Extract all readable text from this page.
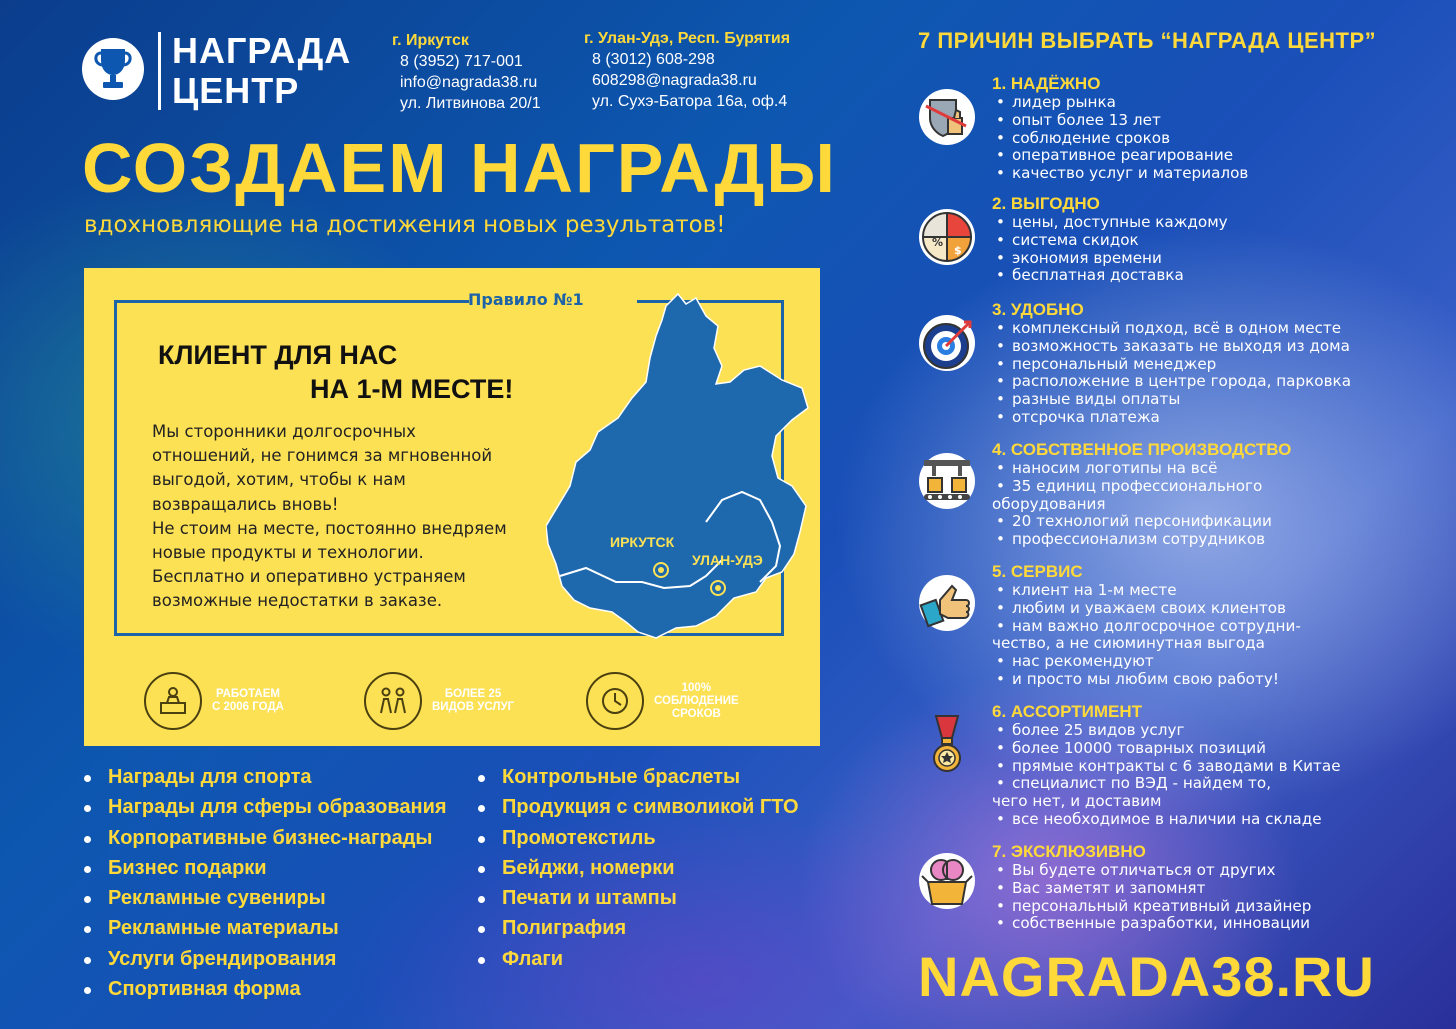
НАГРАДА
ЦЕНТР
г. Иркутск
8 (3952) 717-001
info@nagrada38.ru
ул. Литвинова 20/1
г. Улан-Удэ, Респ. Бурятия
8 (3012) 608-298
608298@nagrada38.ru
ул. Сухэ-Батора 16а, оф.4
СОЗДАЕМ НАГРАДЫ
вдохновляющие на достижения новых результатов!
Правило №1
КЛИЕНТ ДЛЯ НАС
НА 1-М МЕСТЕ!
Мы сторонники долгосрочных
отношений, не гонимся за мгновенной
выгодой, хотим, чтобы к нам
возвращались вновь!
Не стоим на месте, постоянно внедряем
новые продукты и технологии.
Бесплатно и оперативно устраняем
возможные недостатки в заказе.
ИРКУТСК
УЛАН-УДЭ
РАБОТАЕМ
С 2006 ГОДА
БОЛЕЕ 25
ВИДОВ УСЛУГ
100%
СОБЛЮДЕНИЕ
СРОКОВ
Награды для спорта
Награды для сферы образования
Корпоративные бизнес-награды
Бизнес подарки
Рекламные сувениры
Рекламные материалы
Услуги брендирования
Спортивная форма
Контрольные браслеты
Продукция с символикой ГТО
Промотекстиль
Бейджи, номерки
Печати и штампы
Полиграфия
Флаги
7 ПРИЧИН ВЫБРАТЬ “НАГРАДА ЦЕНТР”
1. НАДЁЖНО
• лидер рынка
• опыт более 13 лет
• соблюдение сроков
• оперативное реагирование
• качество услуг и материалов
%
$
2. ВЫГОДНО
• цены, доступные каждому
• система скидок
• экономия времени
• бесплатная доставка
3. УДОБНО
• комплексный подход, всё в одном месте
• возможность заказать не выходя из дома
• персональный менеджер
• расположение в центре города, парковка
• разные виды оплаты
• отсрочка платежа
4. СОБСТВЕННОЕ ПРОИЗВОДСТВО
• наносим логотипы на всё
• 35 единиц профессионального
оборудования
• 20 технологий персонификации
• профессионализм сотрудников
5. СЕРВИС
• клиент на 1-м месте
• любим и уважаем своих клиентов
• нам важно долгосрочное сотрудни-
чество, а не сиюминутная выгода
• нас рекомендуют
• и просто мы любим свою работу!
6. АССОРТИМЕНТ
• более 25 видов услуг
• более 10000 товарных позиций
• прямые контракты с 6 заводами в Китае
• специалист по ВЭД - найдем то,
чего нет, и доставим
• все необходимое в наличии на складе
7. ЭКСКЛЮЗИВНО
• Вы будете отличаться от других
• Вас заметят и запомнят
• персональный креативный дизайнер
• собственные разработки, инновации
NAGRADA38.RU
